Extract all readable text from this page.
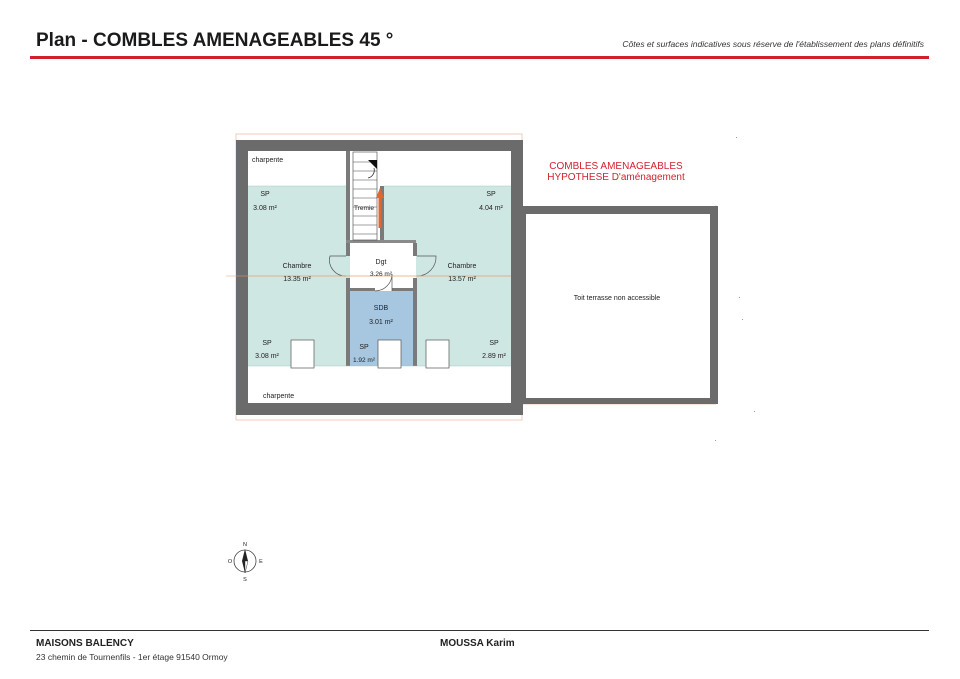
Plan - COMBLES AMENAGEABLES 45 °	Côtes et surfaces indicatives sous réserve de l'établissement des plans définitifs
charpente
charpente
Tremie
SP
3.08 m²
SP
4.04 m²
Chambre
13.35 m²
Chambre
13.57 m²
Dgt
3.26 m²
SDB
3.01 m²
SP
3.08 m²
SP
1.92 m²
SP
2.89 m²
Toit terrasse non accessible
COMBLES AMENAGEABLES
HYPOTHESE D'aménagement
N
S
O	E
MAISONS BALENCY
23 chemin de Tournenfils - 1er étage 91540 Ormoy
MOUSSA Karim
